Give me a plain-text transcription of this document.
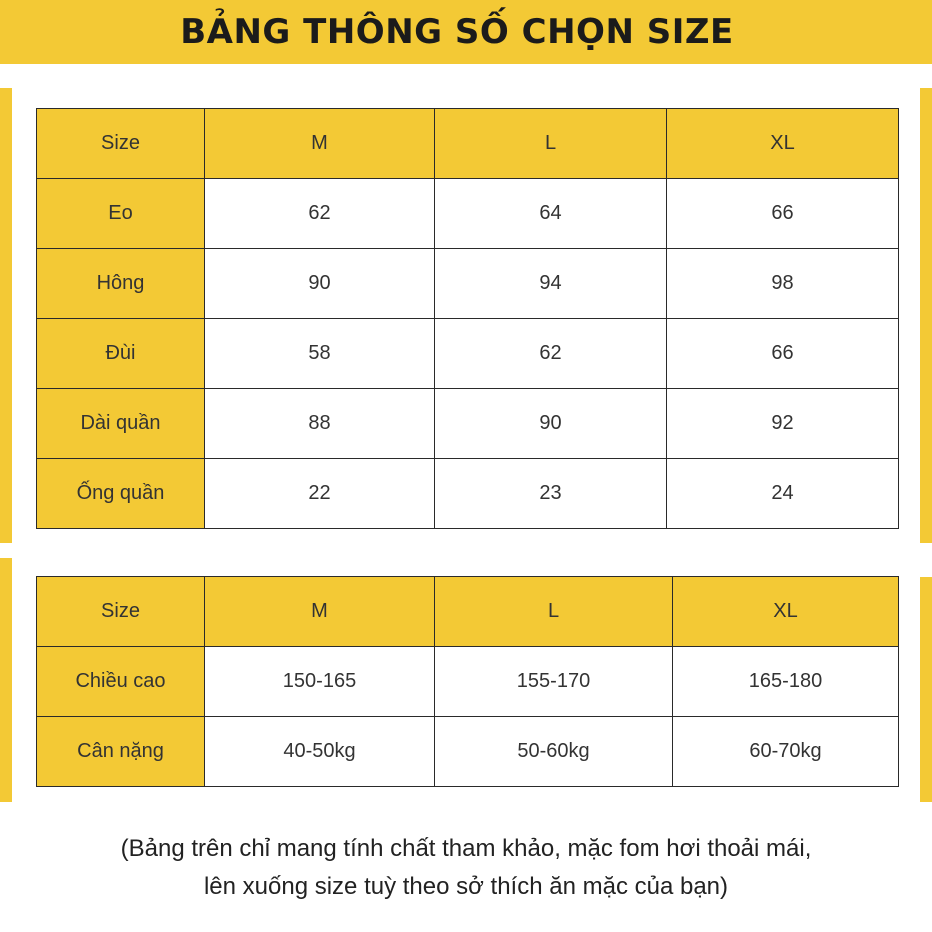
BẢNG THÔNG SỐ CHỌN SIZE
Size	M	L	XL
Eo	62	64	66
Hông	90	94	98
Đùi	58	62	66
Dài quần	88	90	92
Ống quần	22	23	24
Size	M	L	XL
Chiều cao	150-165	155-170	165-180
Cân nặng	40-50kg	50-60kg	60-70kg

(Bảng trên chỉ mang tính chất tham khảo, mặc fom hơi thoải mái,

lên xuống size tuỳ theo sở thích ăn mặc của bạn)
